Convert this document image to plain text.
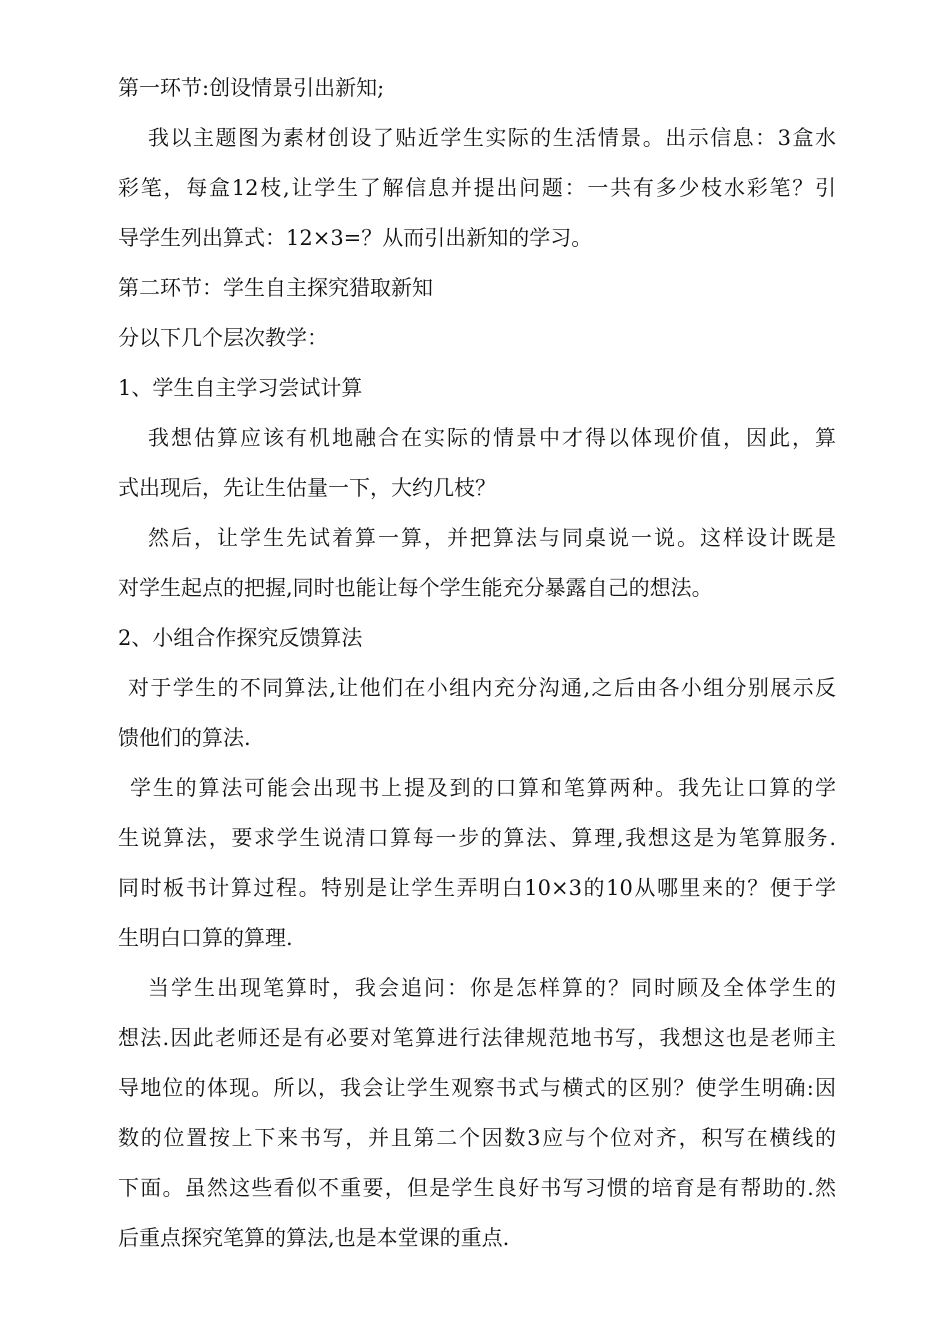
第一环节:创设情景引出新知;

我以主题图为素材创设了贴近学生实际的生活情景。出示信息：3盒水

彩笔，每盒12枝,让学生了解信息并提出问题：一共有多少枝水彩笔？引

导学生列出算式：12×3=？从而引出新知的学习。

第二环节：学生自主探究猎取新知

分以下几个层次教学：

1、学生自主学习尝试计算

我想估算应该有机地融合在实际的情景中才得以体现价值，因此，算

式出现后，先让生估量一下，大约几枝？

然后，让学生先试着算一算，并把算法与同桌说一说。这样设计既是

对学生起点的把握,同时也能让每个学生能充分暴露自己的想法。

2、小组合作探究反馈算法

对于学生的不同算法,让他们在小组内充分沟通,之后由各小组分别展示反

馈他们的算法.

学生的算法可能会出现书上提及到的口算和笔算两种。我先让口算的学

生说算法，要求学生说清口算每一步的算法、算理,我想这是为笔算服务.

同时板书计算过程。特别是让学生弄明白10×3的10从哪里来的？便于学

生明白口算的算理.

当学生出现笔算时，我会追问：你是怎样算的？同时顾及全体学生的

想法.因此老师还是有必要对笔算进行法律规范地书写，我想这也是老师主

导地位的体现。所以，我会让学生观察书式与横式的区别？使学生明确:因

数的位置按上下来书写，并且第二个因数3应与个位对齐，积写在横线的

下面。虽然这些看似不重要，但是学生良好书写习惯的培育是有帮助的.然

后重点探究笔算的算法,也是本堂课的重点.
